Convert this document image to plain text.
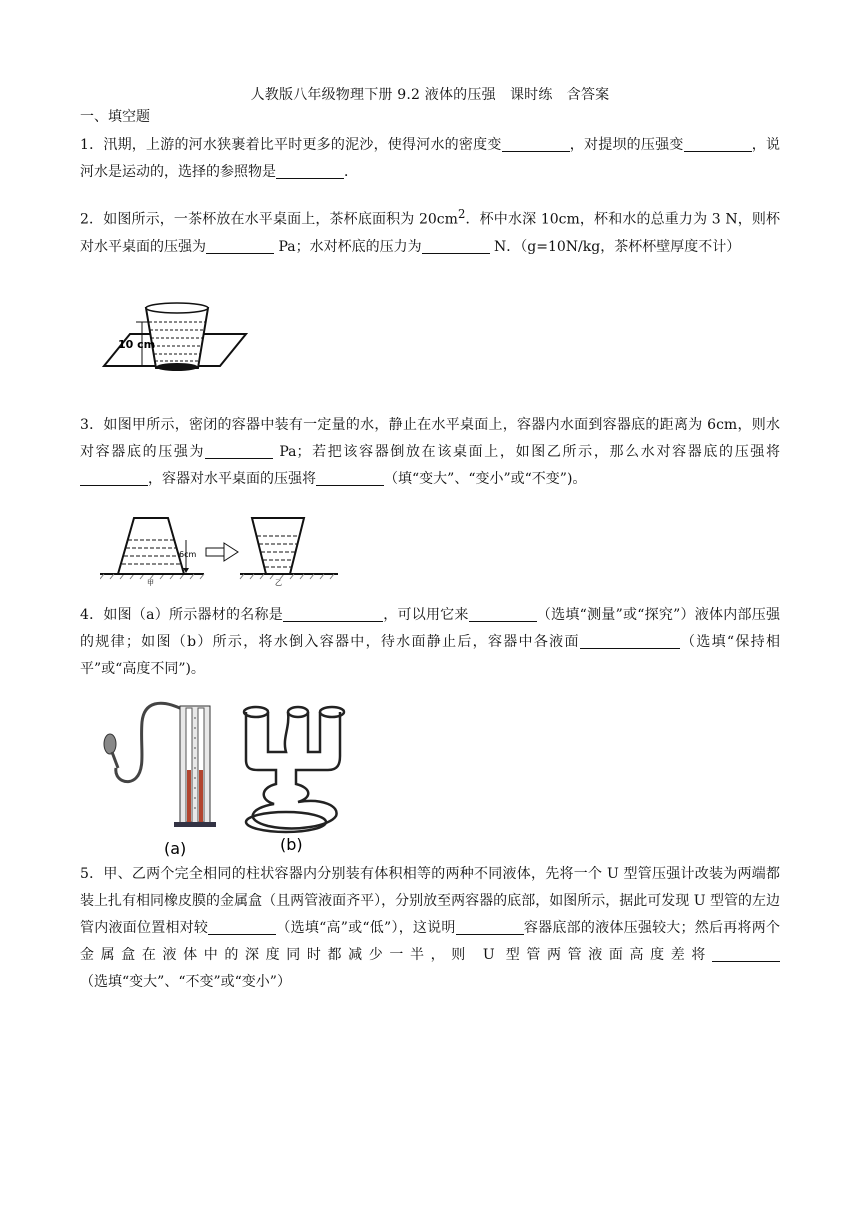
人教版八年级物理下册 9.2 液体的压强　课时练　含答案
一、填空题
1．汛期，上游的河水狭裹着比平时更多的泥沙，使得河水的密度变	，对提坝的压强变	，说河水是运动的，选择的参照物是	．
2．如图所示，一茶杯放在水平桌面上，茶杯底面积为 $20cm^2$．杯中水深 10cm，杯和水的总重力为 3 N，则杯对水平桌面的压强为	Pa；水对杯底的压力为	N．（g=10N/kg，茶杯杯壁厚度不计）
10 cm
3．如图甲所示，密闭的容器中装有一定量的水，静止在水平桌面上，容器内水面到容器底的距离为 6cm，则水对容器底的压强为	Pa；若把该容器倒放在该桌面上，如图乙所示，那么水对容器底的压强将，容器对水平桌面的压强将	（填“变大”、“变小”或“不变”)。
6cm
甲	乙
4．如图（a）所示器材的名称是	，可以用它来	（选填“测量”或“探究”）液体内部压强的规律；如图（b）所示，将水倒入容器中，待水面静止后，容器中各液面	（选填“保持相平”或“高度不同”)。
(a)	(b)
5．甲、乙两个完全相同的柱状容器内分别装有体积相等的两种不同液体，先将一个 U 型管压强计改装为两端都装上扎有相同橡皮膜的金属盒（且两管液面齐平），分别放至两容器的底部，如图所示，据此可发现 U 型管的左边管内液面位置相对较	（选填“高”或“低”），这说明	容器底部的液体压强较大；然后再将两个金属盒在液体中的深度同时都减少一半，则 U 型管两管液面高度差将（选填“变大”、“不变”或“变小”）
